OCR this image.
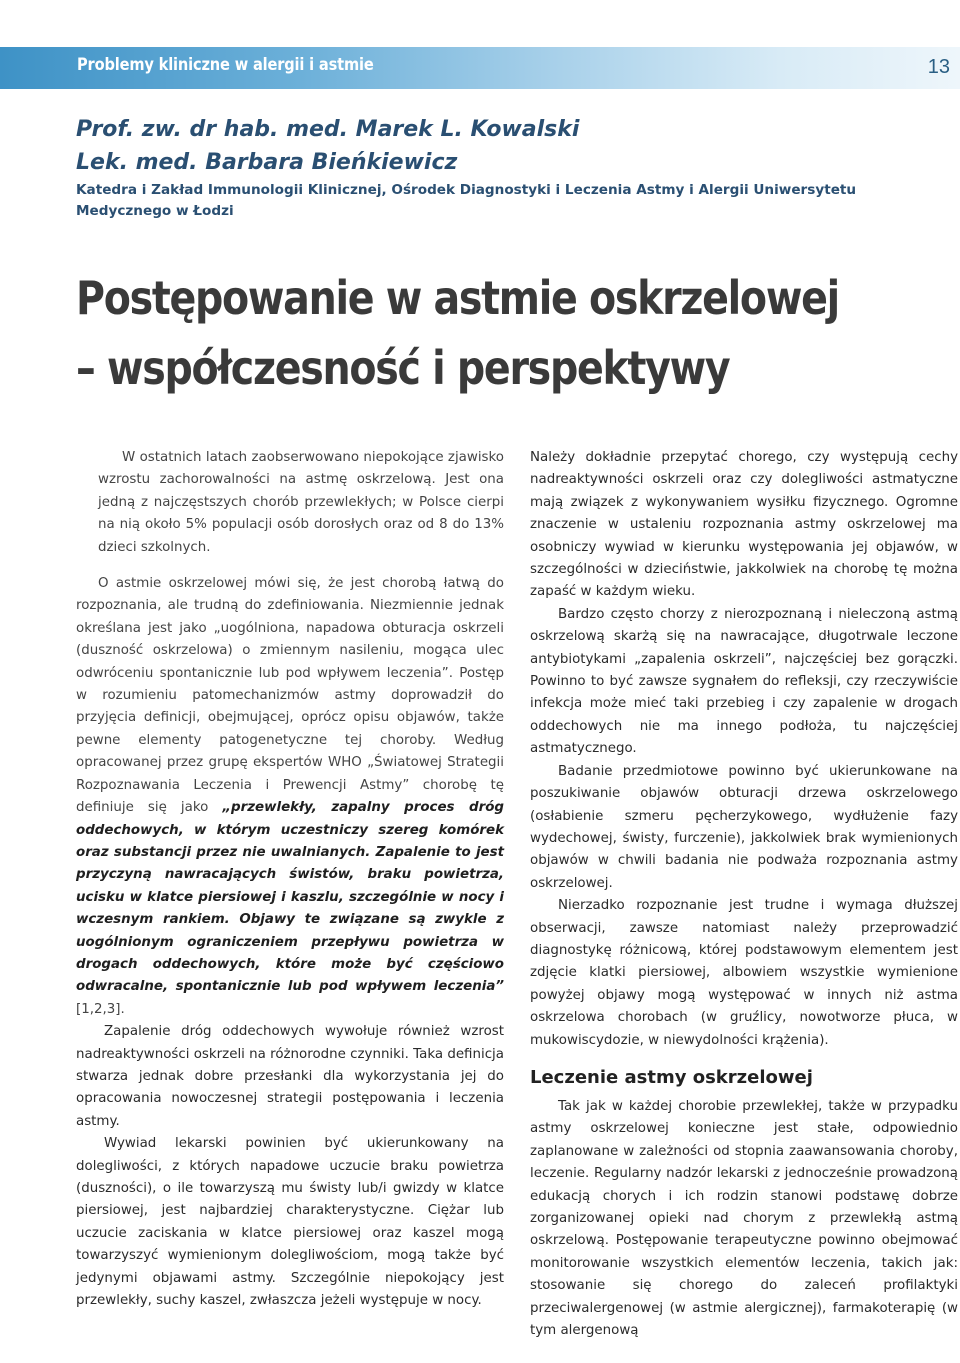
Problemy kliniczne w alergii i astmie	13
Prof. zw. dr hab. med. Marek L. Kowalski
Lek. med. Barbara Bieńkiewicz
Katedra i Zakład Immunologii Klinicznej, Ośrodek Diagnostyki i Leczenia Astmy i Alergii Uniwersytetu Medycznego w Łodzi
Postępowanie w astmie oskrzelowej
– współczesność i perspektywy

W ostatnich latach zaobserwowano niepokojące zjawisko wzrostu zachorowalności na astmę oskrzelową. Jest ona jedną z najczęstszych chorób przewlekłych; w Polsce cierpi na nią około 5% populacji osób dorosłych oraz od 8 do 13% dzieci szkolnych.

O astmie oskrzelowej mówi się, że jest chorobą łatwą do rozpoznania, ale trudną do zdefiniowania. Niezmiennie jednak określana jest jako „uogólniona, napadowa obturacja oskrzeli (duszność oskrzelowa) o zmiennym nasileniu, mogąca ulec odwróceniu spontanicznie lub pod wpływem leczenia”. Postęp w rozumieniu patomechanizmów astmy doprowadził do przyjęcia definicji, obejmującej, oprócz opisu objawów, także pewne elementy patogenetyczne tej choroby. Według opracowanej przez grupę ekspertów WHO „Światowej Strategii Rozpoznawania Leczenia i Prewencji Astmy” chorobę tę definiuje się jako „przewlekły, zapalny proces dróg oddechowych, w którym uczestniczy szereg komórek oraz substancji przez nie uwalnianych. Zapalenie to jest przyczyną nawracających świstów, braku powietrza, ucisku w klatce piersiowej i kaszlu, szczególnie w nocy i wczesnym rankiem. Objawy te związane są zwykle z uogólnionym ograniczeniem przepływu powietrza w drogach oddechowych, które może być częściowo odwracalne, spontanicznie lub pod wpływem leczenia” [1,2,3].

Zapalenie dróg oddechowych wywołuje również wzrost nadreaktywności oskrzeli na różnorodne czynniki. Taka definicja stwarza jednak dobre przesłanki dla wykorzystania jej do opracowania nowoczesnej strategii postępowania i leczenia astmy.

Wywiad lekarski powinien być ukierunkowany na dolegliwości, z których napadowe uczucie braku powietrza (duszności), o ile towarzyszą mu świsty lub/i gwizdy w klatce piersiowej, jest najbardziej charakterystyczne. Ciężar lub uczucie zaciskania w klatce piersiowej oraz kaszel mogą towarzyszyć wymienionym dolegliwościom, mogą także być jedynymi objawami astmy. Szczególnie niepokojący jest przewlekły, suchy kaszel, zwłaszcza jeżeli występuje w nocy.

Należy dokładnie przepytać chorego, czy występują cechy nadreaktywności oskrzeli oraz czy dolegliwości astmatyczne mają związek z wykonywaniem wysiłku fizycznego. Ogromne znaczenie w ustaleniu rozpoznania astmy oskrzelowej ma osobniczy wywiad w kierunku występowania jej objawów, w szczególności w dzieciństwie, jakkolwiek na chorobę tę można zapaść w każdym wieku.

Bardzo często chorzy z nierozpoznaną i nieleczoną astmą oskrzelową skarżą się na nawracające, długotrwale leczone antybiotykami „zapalenia oskrzeli”, najczęściej bez gorączki. Powinno to być zawsze sygnałem do refleksji, czy rzeczywiście infekcja może mieć taki przebieg i czy zapalenie w drogach oddechowych nie ma innego podłoża, tu najczęściej astmatycznego.

Badanie przedmiotowe powinno być ukierunkowane na poszukiwanie objawów obturacji drzewa oskrzelowego (osłabienie szmeru pęcherzykowego, wydłużenie fazy wydechowej, świsty, furczenie), jakkolwiek brak wymienionych objawów w chwili badania nie podważa rozpoznania astmy oskrzelowej.

Nierzadko rozpoznanie jest trudne i wymaga dłuższej obserwacji, zawsze natomiast należy przeprowadzić diagnostykę różnicową, której podstawowym elementem jest zdjęcie klatki piersiowej, albowiem wszystkie wymienione powyżej objawy mogą występować w innych niż astma oskrzelowa chorobach (w gruźlicy, nowotworze płuca, w mukowiscydozie, w niewydolności krążenia).

Leczenie astmy oskrzelowej

Tak jak w każdej chorobie przewlekłej, także w przypadku astmy oskrzelowej konieczne jest stałe, odpowiednio zaplanowane w zależności od stopnia zaawansowania choroby, leczenie. Regularny nadzór lekarski z jednocześnie prowadzoną edukacją chorych i ich rodzin stanowi podstawę dobrze zorganizowanej opieki nad chorym z przewlekłą astmą oskrzelową. Postępowanie terapeutyczne powinno obejmować monitorowanie wszystkich elementów leczenia, takich jak: stosowanie się chorego do zaleceń profilaktyki przeciwalergenowej (w astmie alergicznej), farmakoterapię (w tym alergenową
